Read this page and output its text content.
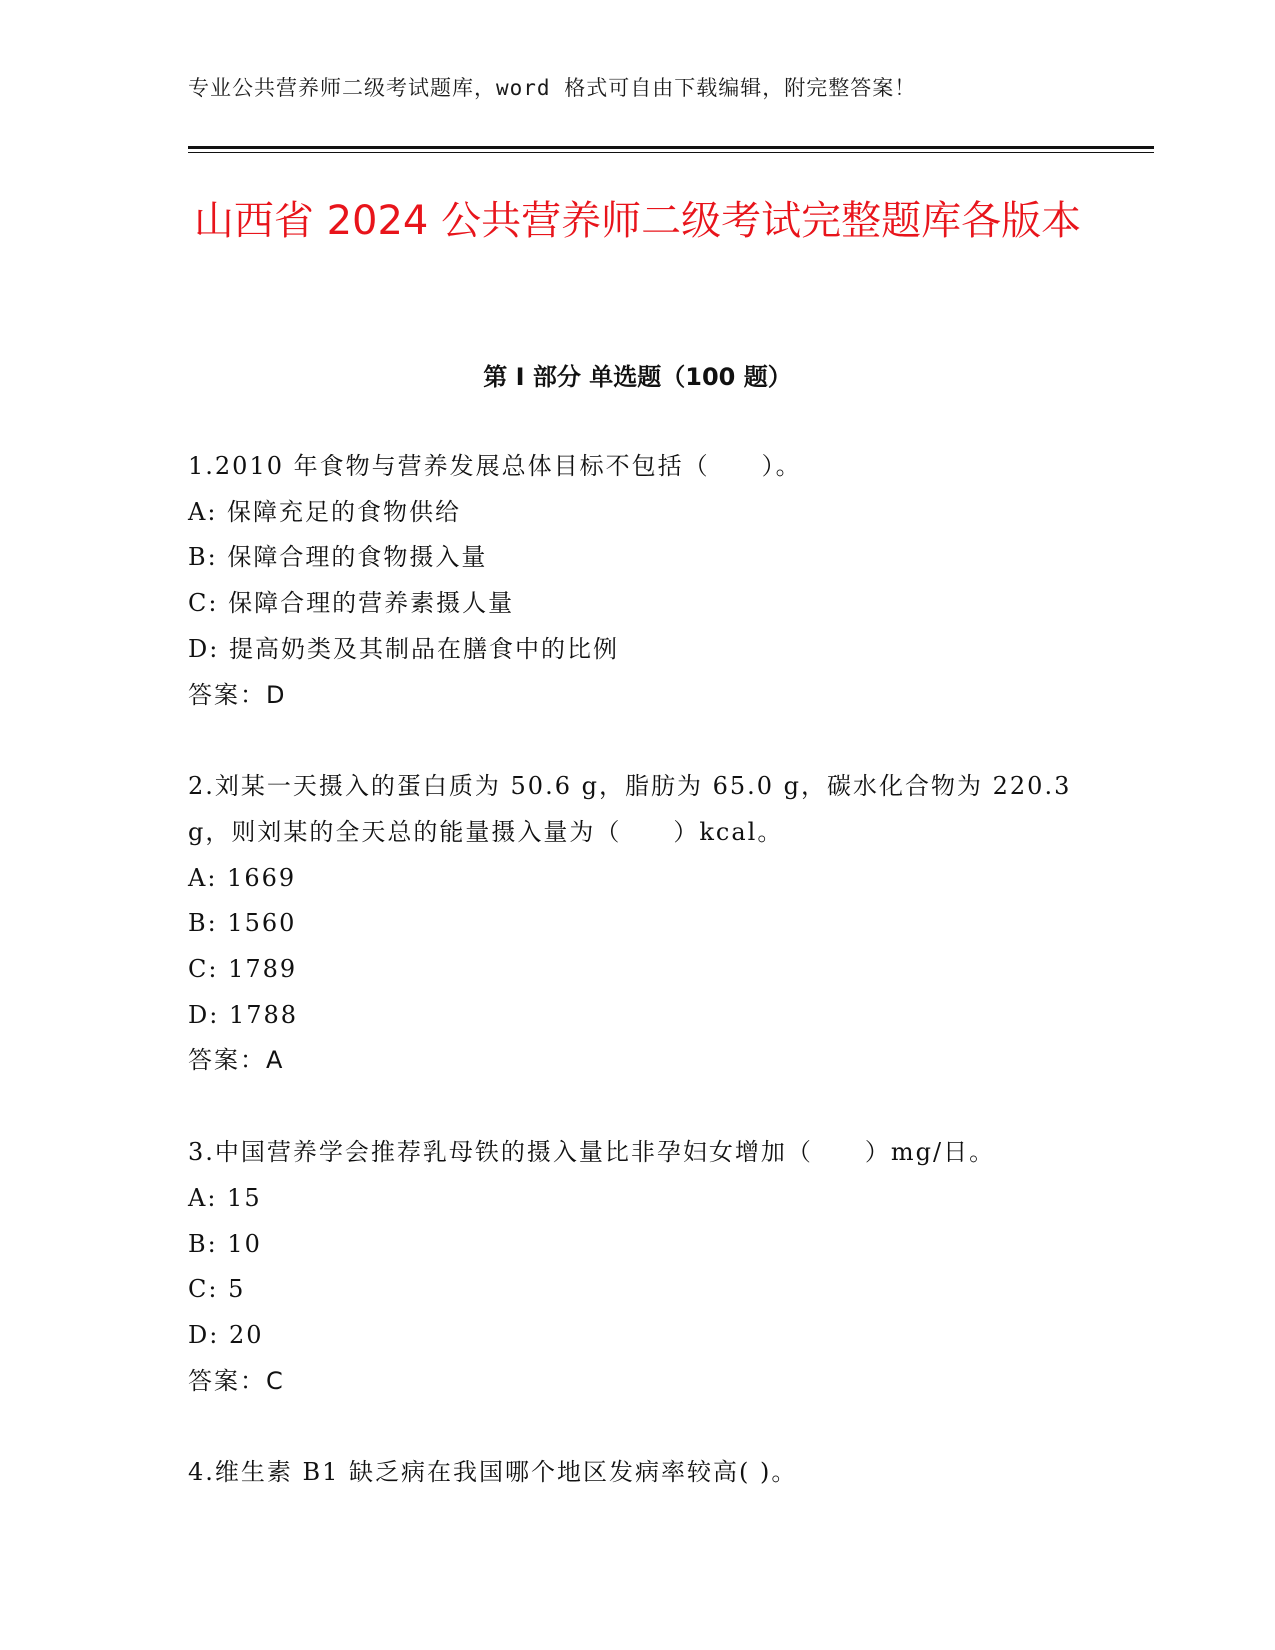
专业公共营养师二级考试题库，word 格式可自由下载编辑，附完整答案！
山西省 2024 公共营养师二级考试完整题库各版本
第 I 部分 单选题（100 题）
1.2010 年食物与营养发展总体目标不包括（　　）。
A: 保障充足的食物供给
B: 保障合理的食物摄入量
C: 保障合理的营养素摄人量
D: 提高奶类及其制品在膳食中的比例
答案：D
2.刘某一天摄入的蛋白质为 50.6 g，脂肪为 65.0 g，碳水化合物为 220.3 g，则刘某的全天总的能量摄入量为（　　）kcal。
A: 1669
B: 1560
C: 1789
D: 1788
答案：A
3.中国营养学会推荐乳母铁的摄入量比非孕妇女增加（　　）mg/日。
A: 15
B: 10
C: 5
D: 20
答案：C
4.维生素 B1 缺乏病在我国哪个地区发病率较高( )。
